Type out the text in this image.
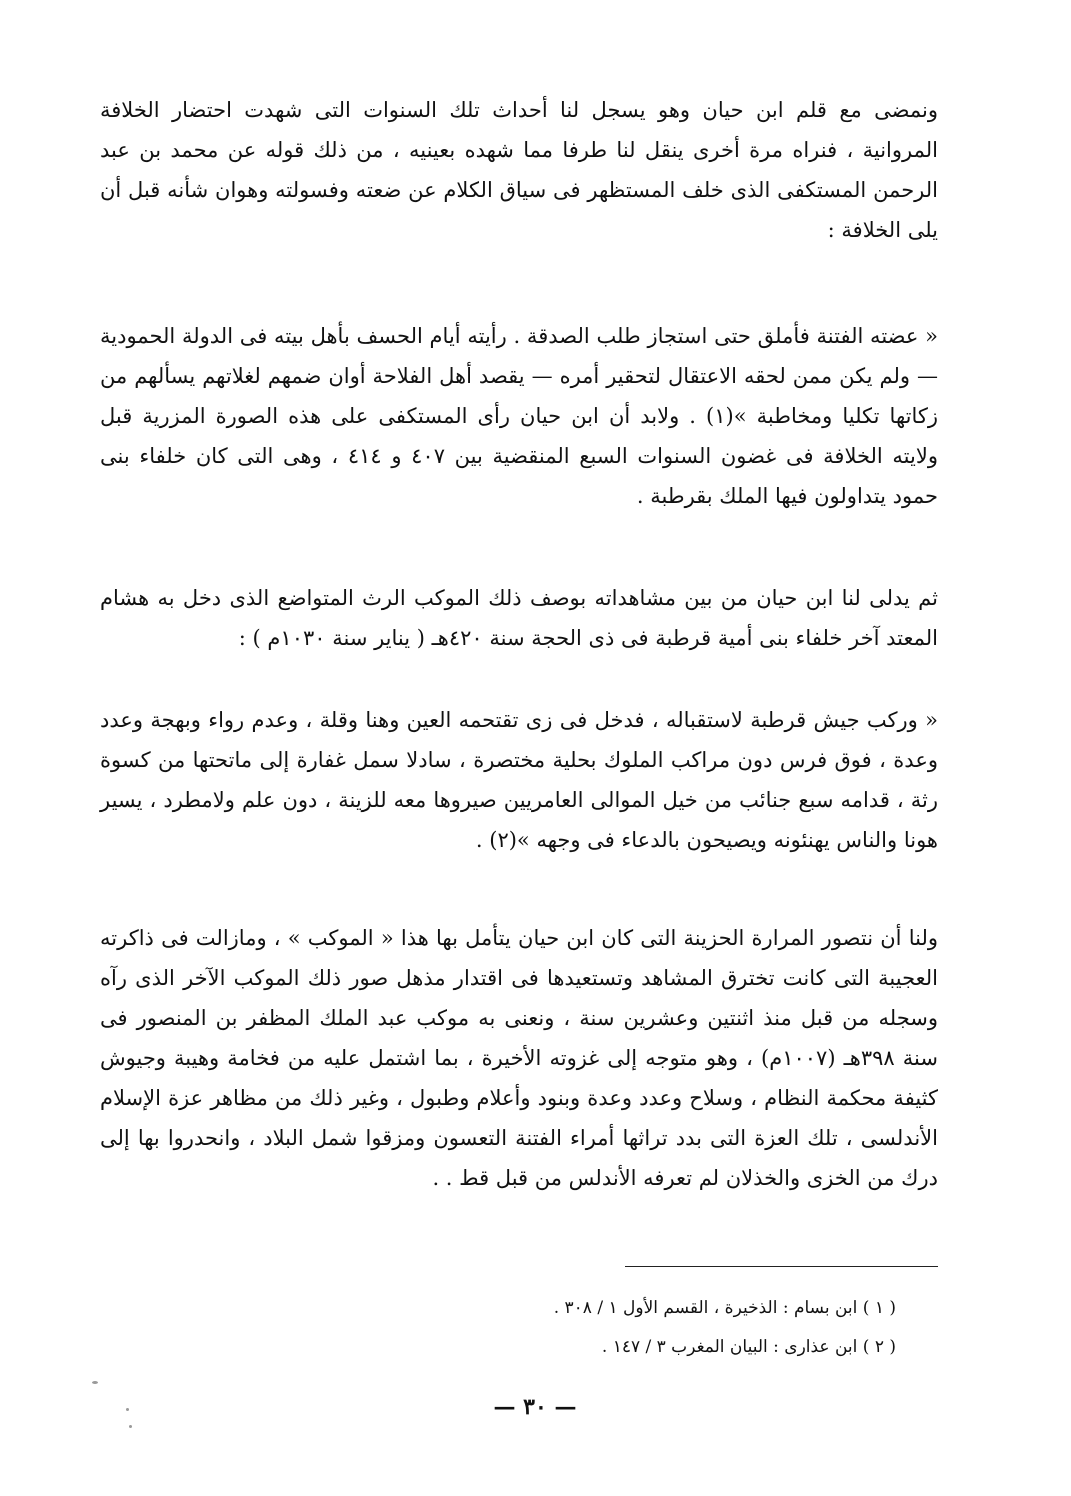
ونمضى مع قلم ابن حيان وهو يسجل لنا أحداث تلك السنوات التى شهدت احتضار الخلافة المروانية ، فنراه مرة أخرى ينقل لنا طرفا مما شهده بعينيه ، من ذلك قوله عن محمد بن عبد الرحمن المستكفى الذى خلف المستظهر فى سياق الكلام عن ضعته وفسولته وهوان شأنه قبل أن يلى الخلافة :

« عضته الفتنة فأملق حتى استجاز طلب الصدقة . رأيته أيام الحسف بأهل بيته فى الدولة الحمودية — ولم يكن ممن لحقه الاعتقال لتحقير أمره — يقصد أهل الفلاحة أوان ضمهم لغلاتهم يسألهم من زكاتها تكليا ومخاطبة »(١) . ولابد أن ابن حيان رأى المستكفى على هذه الصورة المزرية قبل ولايته الخلافة فى غضون السنوات السبع المنقضية بين ٤٠٧ و ٤١٤ ، وهى التى كان خلفاء بنى حمود يتداولون فيها الملك بقرطبة .

ثم يدلى لنا ابن حيان من بين مشاهداته بوصف ذلك الموكب الرث المتواضع الذى دخل به هشام المعتد آخر خلفاء بنى أمية قرطبة فى ذى الحجة سنة ٤٢٠هـ ( يناير سنة ١٠٣٠م ) :

« وركب جيش قرطبة لاستقباله ، فدخل فى زى تقتحمه العين وهنا وقلة ، وعدم رواء وبهجة وعدد وعدة ، فوق فرس دون مراكب الملوك بحلية مختصرة ، سادلا سمل غفارة إلى ماتحتها من كسوة رثة ، قدامه سبع جنائب من خيل الموالى العامريين صيروها معه للزينة ، دون علم ولامطرد ، يسير هونا والناس يهنئونه ويصيحون بالدعاء فى وجهه »(٢) .

ولنا أن نتصور المرارة الحزينة التى كان ابن حيان يتأمل بها هذا « الموكب » ، ومازالت فى ذاكرته العجيبة التى كانت تخترق المشاهد وتستعيدها فى اقتدار مذهل صور ذلك الموكب الآخر الذى رآه وسجله من قبل منذ اثنتين وعشرين سنة ، ونعنى به موكب عبد الملك المظفر بن المنصور فى سنة ٣٩٨هـ (١٠٠٧م) ، وهو متوجه إلى غزوته الأخيرة ، بما اشتمل عليه من فخامة وهيبة وجيوش كثيفة محكمة النظام ، وسلاح وعدد وعدة وبنود وأعلام وطبول ، وغير ذلك من مظاهر عزة الإسلام الأندلسى ، تلك العزة التى بدد تراثها أمراء الفتنة التعسون ومزقوا شمل البلاد ، وانحدروا بها إلى درك من الخزى والخذلان لم تعرفه الأندلس من قبل قط . .

( ١ ) ابن بسام : الذخيرة ، القسم الأول ١ / ٣٠٨ .

( ٢ ) ابن عذارى : البيان المغرب ٣ / ١٤٧ .

— ٣٠ —
